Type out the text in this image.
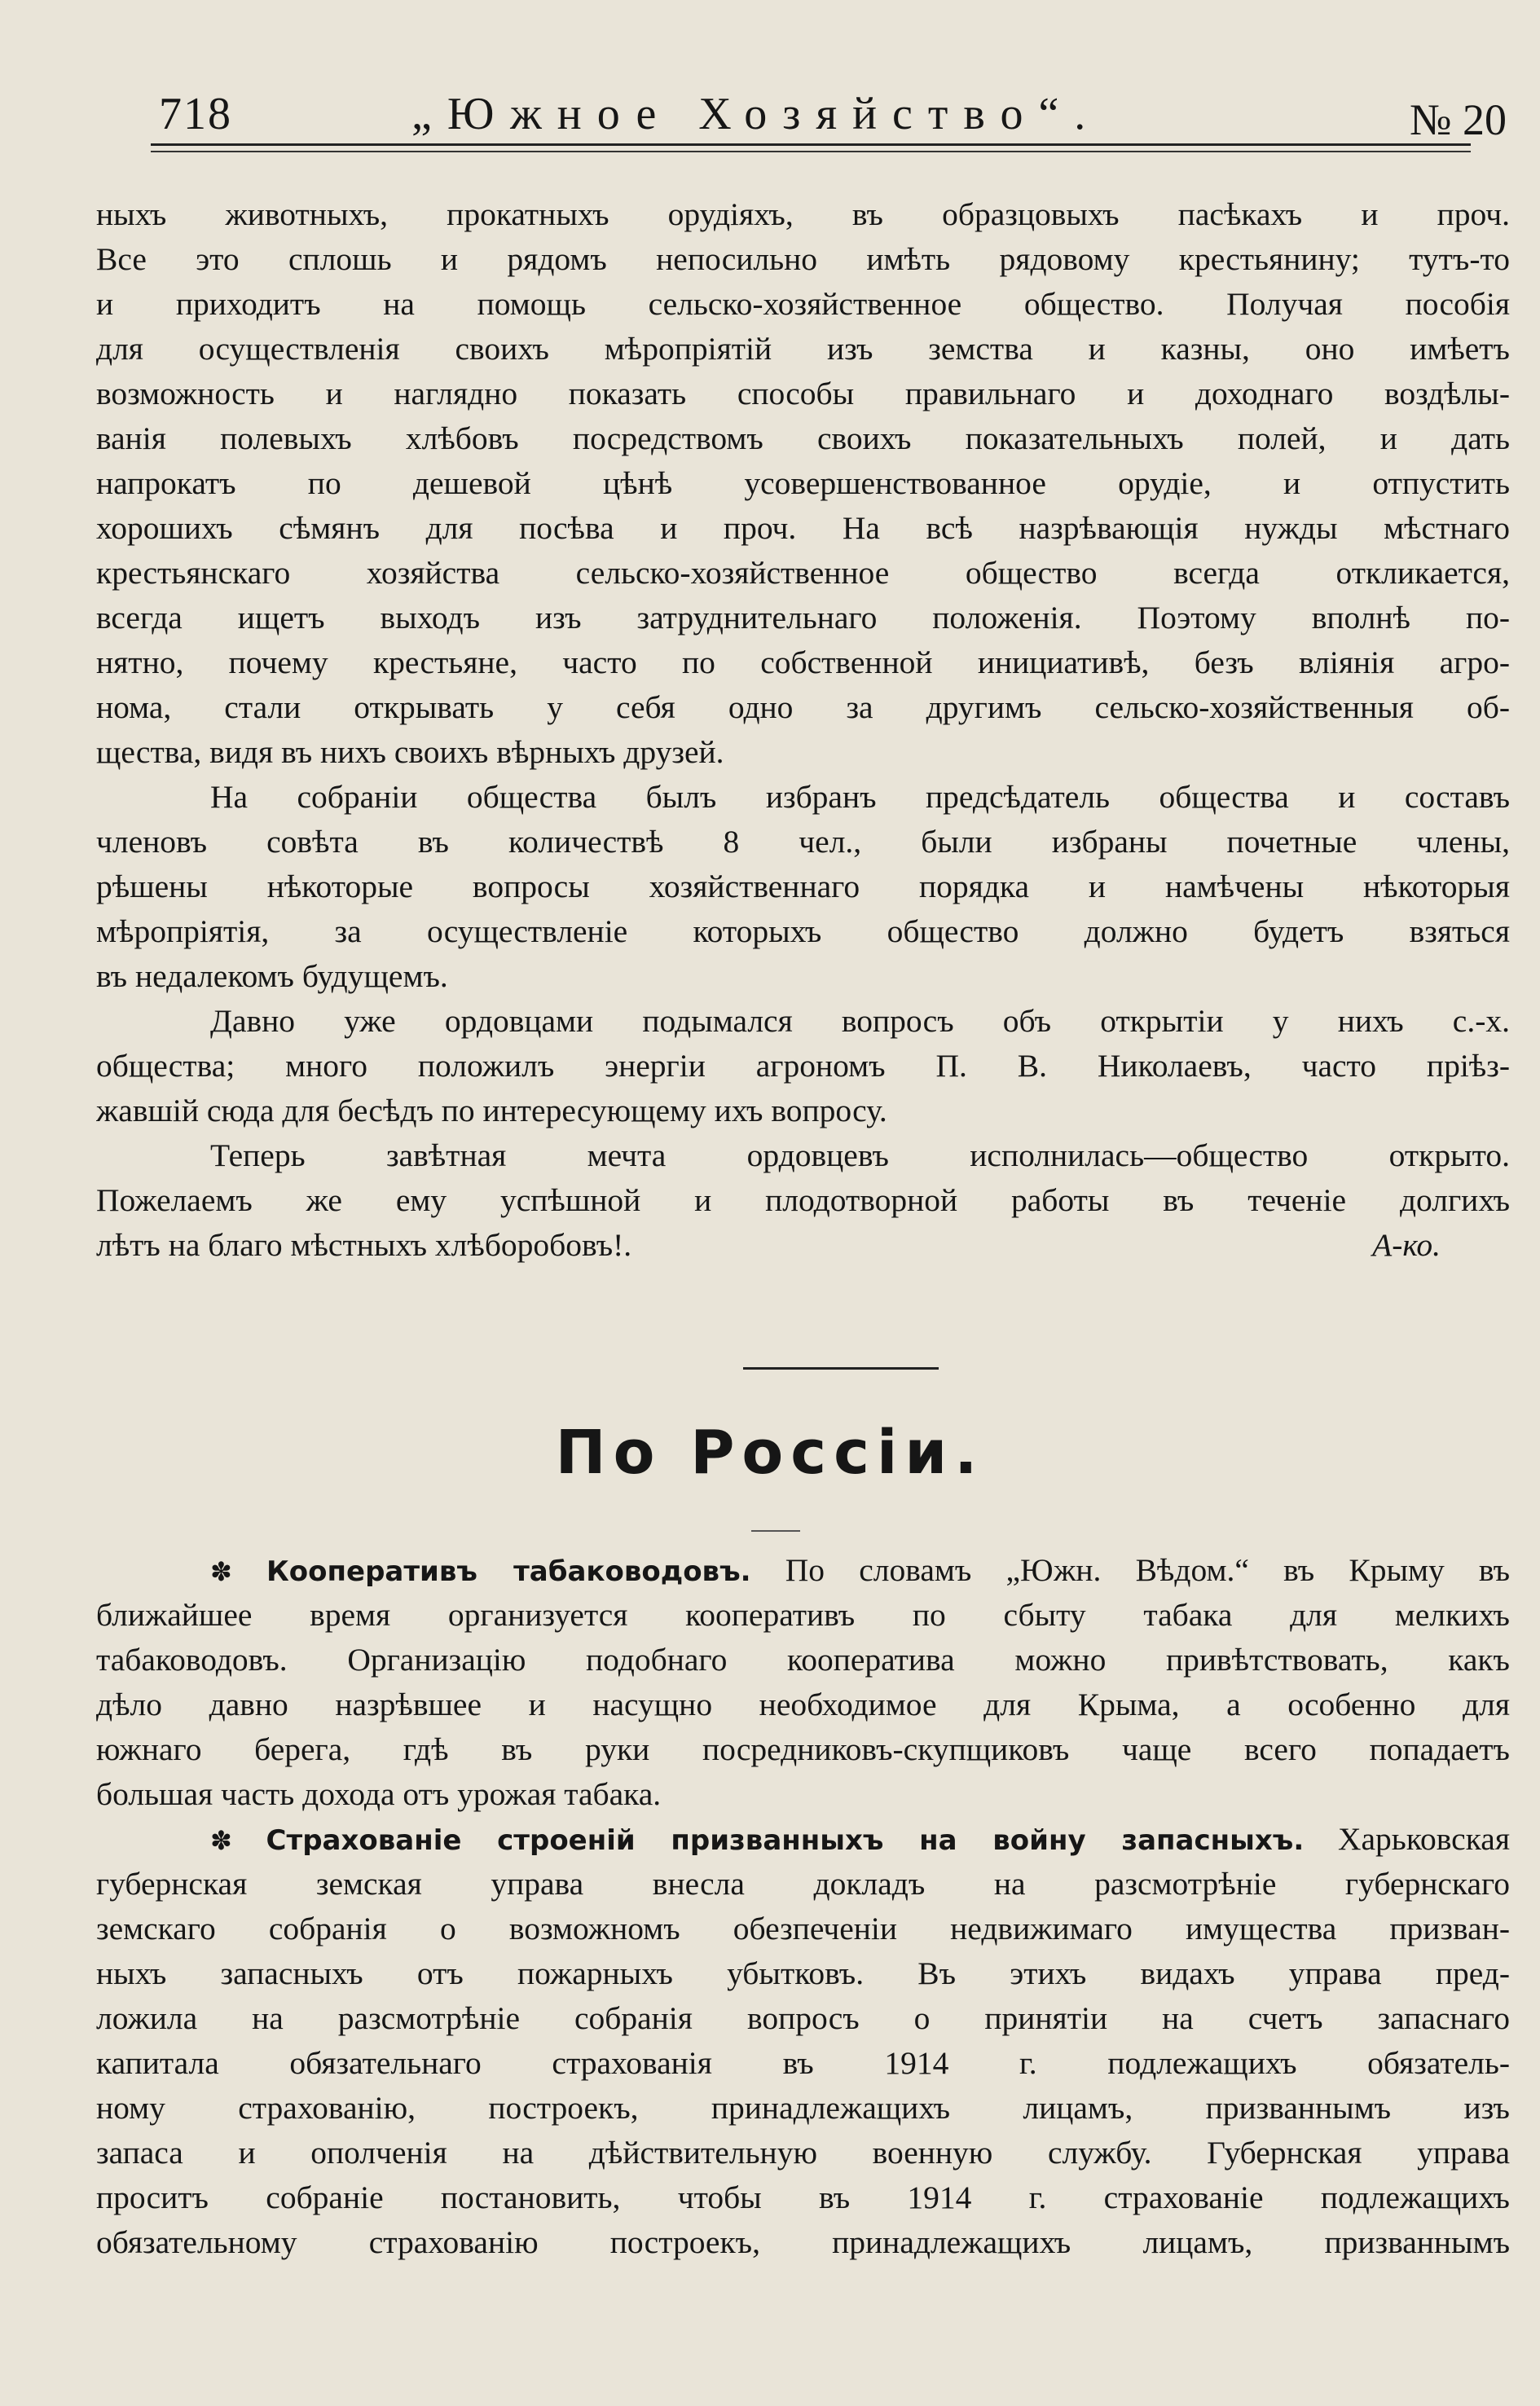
718	„Южное Хозяйство“.	№ 20
ныхъ животныхъ, прокатныхъ орудіяхъ, въ образцовыхъ пасѣкахъ и проч.
Все это сплошь и рядомъ непосильно имѣть рядовому крестьянину; тутъ-то
и приходитъ на помощь сельско-хозяйственное общество. Получая пособія
для осуществленія своихъ мѣропріятій изъ земства и казны, оно имѣетъ
возможность и наглядно показать способы правильнаго и доходнаго воздѣлы-
ванія полевыхъ хлѣбовъ посредствомъ своихъ показательныхъ полей, и дать
напрокатъ по дешевой цѣнѣ усовершенствованное орудіе, и отпустить
хорошихъ сѣмянъ для посѣва и проч. На всѣ назрѣвающія нужды мѣстнаго
крестьянскаго хозяйства сельско-хозяйственное общество всегда откликается,
всегда ищетъ выходъ изъ затруднительнаго положенія. Поэтому вполнѣ по-
нятно, почему крестьяне, часто по собственной инициативѣ, безъ вліянія агро-
нома, стали открывать у себя одно за другимъ сельско-хозяйственныя об-
щества, видя въ нихъ своихъ вѣрныхъ друзей.
На собраніи общества былъ избранъ предсѣдатель общества и составъ
членовъ совѣта въ количествѣ 8 чел., были избраны почетные члены,
рѣшены нѣкоторые вопросы хозяйственнаго порядка и намѣчены нѣкоторыя
мѣропріятія, за осуществленіе которыхъ общество должно будетъ взяться
въ недалекомъ будущемъ.
Давно уже ордовцами подымался вопросъ объ открытіи у нихъ с.-х.
общества; много положилъ энергіи агрономъ П. В. Николаевъ, часто пріѣз-
жавшій сюда для бесѣдъ по интересующему ихъ вопросу.
Теперь завѣтная мечта ордовцевъ исполнилась—общество открыто.
Пожелаемъ же ему успѣшной и плодотворной работы въ теченіе долгихъ
лѣтъ на благо мѣстныхъ хлѣборобовъ!.	А-ко.
По Россіи.
✽ Кооперативъ табаководовъ. По словамъ „Южн. Вѣдом.“ въ Крыму въ
ближайшее время организуется кооперативъ по сбыту табака для мелкихъ
табаководовъ. Организацію подобнаго кооператива можно привѣтствовать, какъ
дѣло давно назрѣвшее и насущно необходимое для Крыма, а особенно для
южнаго берега, гдѣ въ руки посредниковъ-скупщиковъ чаще всего попадаетъ
большая часть дохода отъ урожая табака.
✽ Страхованіе строеній призванныхъ на войну запасныхъ. Харьковская
губернская земская управа внесла докладъ на разсмотрѣніе губернскаго
земскаго собранія о возможномъ обезпеченіи недвижимаго имущества призван-
ныхъ запасныхъ отъ пожарныхъ убытковъ. Въ этихъ видахъ управа пред-
ложила на разсмотрѣніе собранія вопросъ о принятіи на счетъ запаснаго
капитала обязательнаго страхованія въ 1914 г. подлежащихъ обязатель-
ному страхованію, построекъ, принадлежащихъ лицамъ, призваннымъ изъ
запаса и ополченія на дѣйствительную военную службу. Губернская управа
проситъ собраніе постановить, чтобы въ 1914 г. страхованіе подлежащихъ
обязательному страхованію построекъ, принадлежащихъ лицамъ, призваннымъ
